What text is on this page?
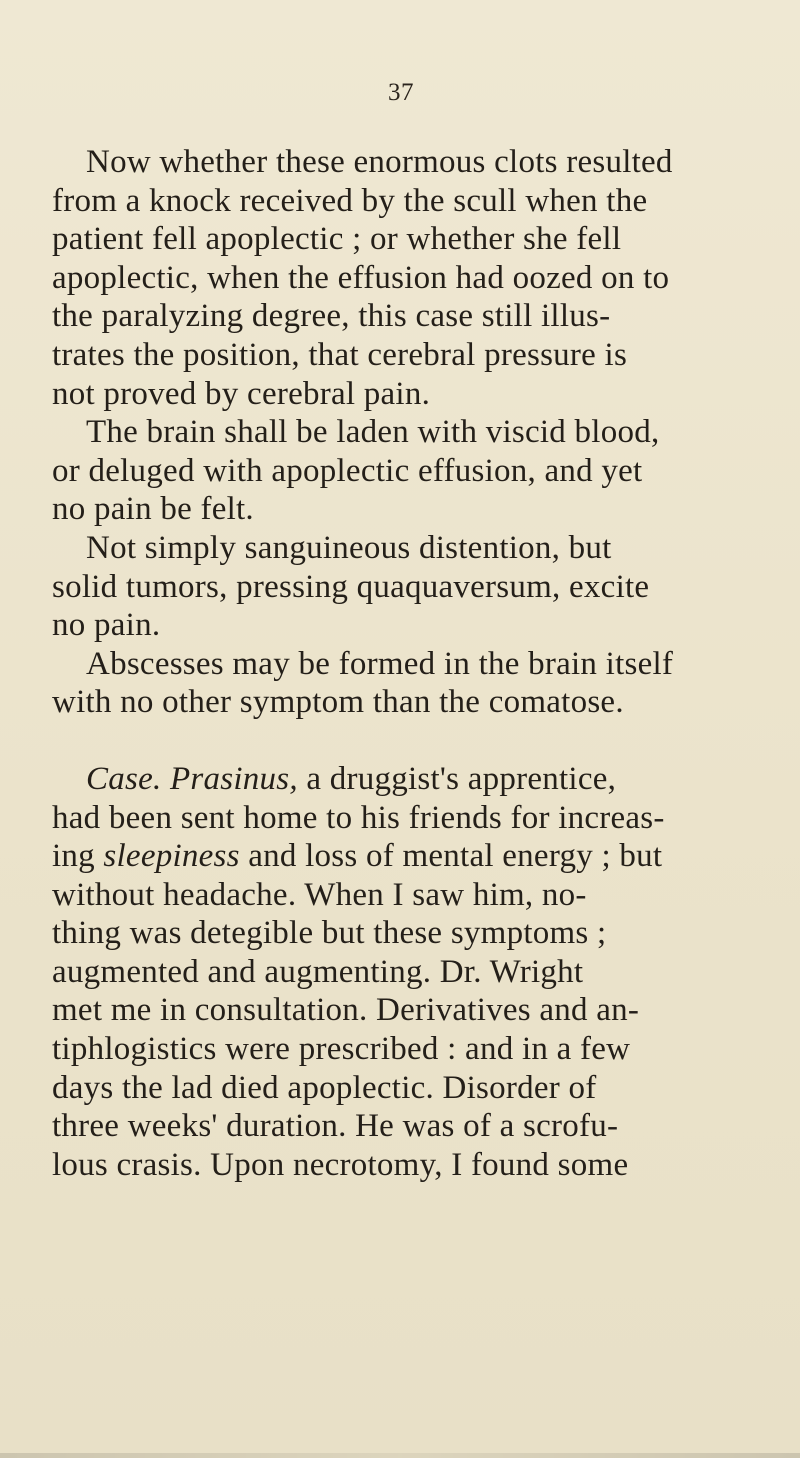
37
Now whether these enormous clots resulted
from a knock received by the scull when the
patient fell apoplectic ; or whether she fell
apoplectic, when the effusion had oozed on to
the paralyzing degree, this case still illus-
trates the position, that cerebral pressure is
not proved by cerebral pain.
The brain shall be laden with viscid blood,
or deluged with apoplectic effusion, and yet
no pain be felt.
Not simply sanguineous distention, but
solid tumors, pressing quaquaversum, excite
no pain.
Abscesses may be formed in the brain itself
with no other symptom than the comatose.
Case. Prasinus, a druggist's apprentice,
had been sent home to his friends for increas-
ing sleepiness and loss of mental energy ; but
without headache. When I saw him, no-
thing was detegible but these symptoms ;
augmented and augmenting. Dr. Wright
met me in consultation. Derivatives and an-
tiphlogistics were prescribed : and in a few
days the lad died apoplectic. Disorder of
three weeks' duration. He was of a scrofu-
lous crasis. Upon necrotomy, I found some
